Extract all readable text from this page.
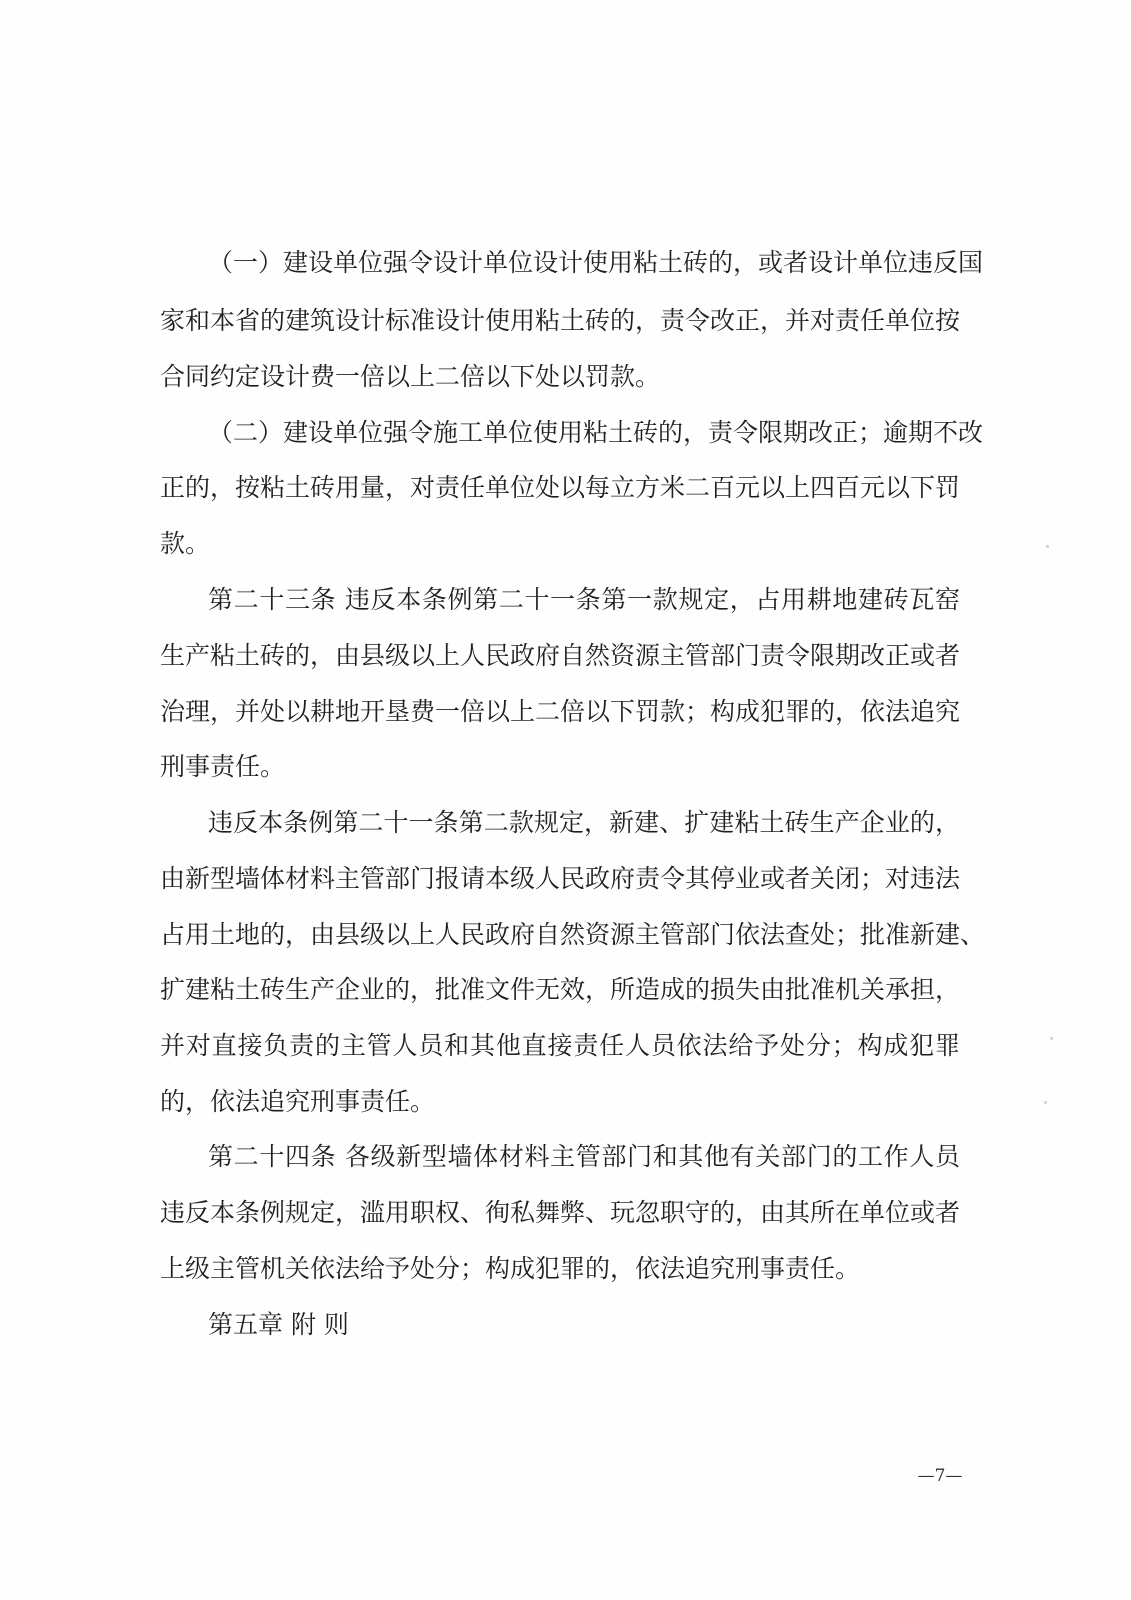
（一）建设单位强令设计单位设计使用粘土砖的，或者设计单位违反国
家和本省的建筑设计标准设计使用粘土砖的，责令改正，并对责任单位按
合同约定设计费一倍以上二倍以下处以罚款。
（二）建设单位强令施工单位使用粘土砖的，责令限期改正；逾期不改
正的，按粘土砖用量，对责任单位处以每立方米二百元以上四百元以下罚
款。
第二十三条 违反本条例第二十一条第一款规定，占用耕地建砖瓦窑
生产粘土砖的，由县级以上人民政府自然资源主管部门责令限期改正或者
治理，并处以耕地开垦费一倍以上二倍以下罚款；构成犯罪的，依法追究
刑事责任。
违反本条例第二十一条第二款规定，新建、扩建粘土砖生产企业的，
由新型墙体材料主管部门报请本级人民政府责令其停业或者关闭；对违法
占用土地的，由县级以上人民政府自然资源主管部门依法查处；批准新建、
扩建粘土砖生产企业的，批准文件无效，所造成的损失由批准机关承担，
并对直接负责的主管人员和其他直接责任人员依法给予处分；构成犯罪
的，依法追究刑事责任。
第二十四条 各级新型墙体材料主管部门和其他有关部门的工作人员
违反本条例规定，滥用职权、徇私舞弊、玩忽职守的，由其所在单位或者
上级主管机关依法给予处分；构成犯罪的，依法追究刑事责任。
第五章 附 则
—7—
